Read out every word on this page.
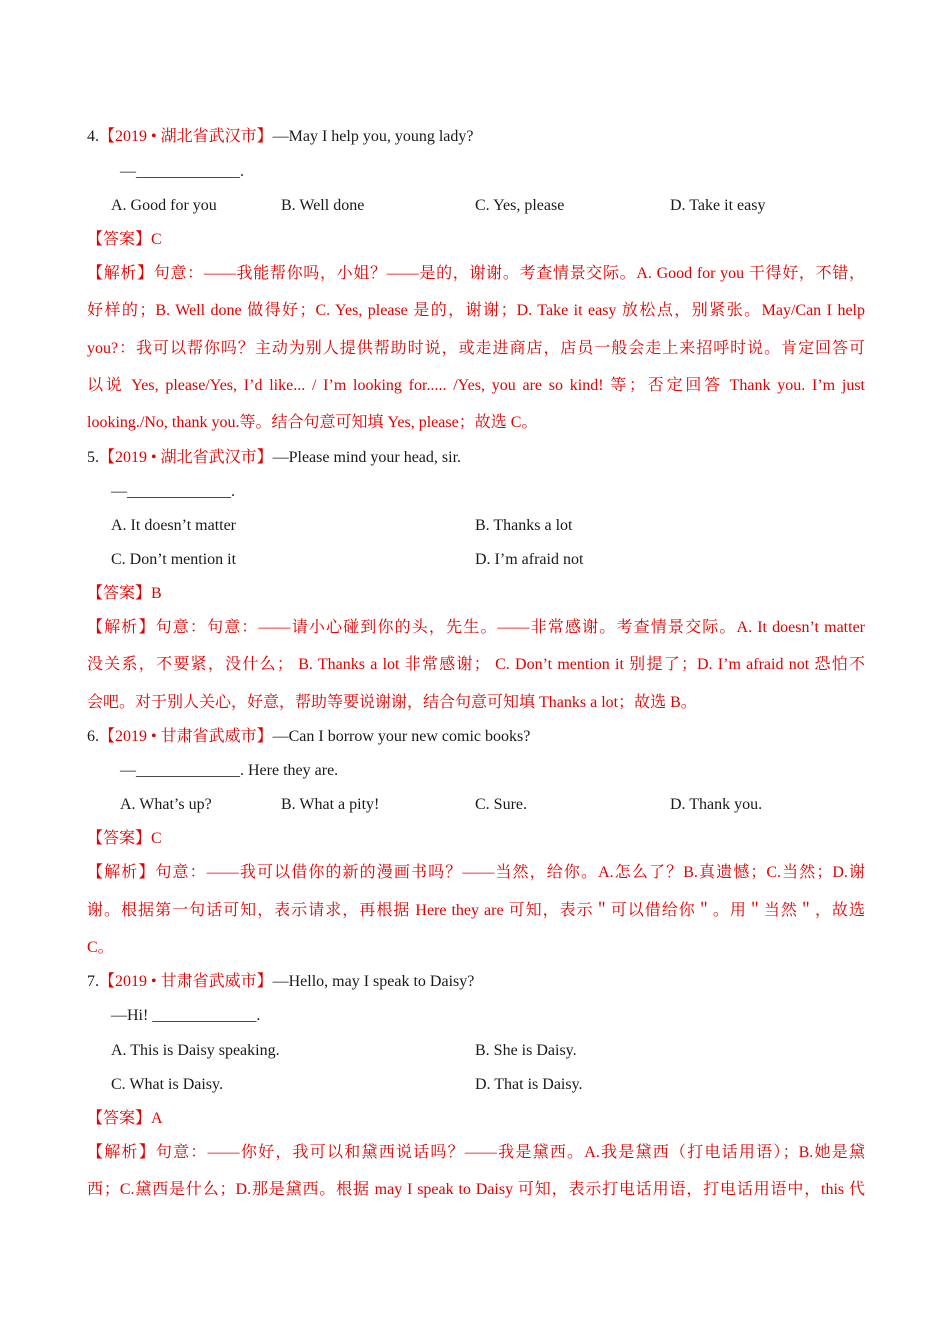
4.【2019 • 湖北省武汉市】—May I help you, young lady?
—_____________.
A. Good for you	B. Well done	C. Yes, please	D. Take it easy
【答案】C
【解析】句意：——我能帮你吗，小姐？——是的，谢谢。考查情景交际。A. Good for you 干得好，不错，
好样的；B. Well done 做得好；C. Yes, please 是的，谢谢；D. Take it easy 放松点，别紧张。May/Can I help
you?：我可以帮你吗？主动为别人提供帮助时说，或走进商店，店员一般会走上来招呼时说。肯定回答可
以说 Yes, please/Yes, I’d like... / I’m looking for..... /Yes, you are so kind! 等；否定回答 Thank you. I’m just
looking./No, thank you.等。结合句意可知填 Yes, please；故选 C。
5.【2019 • 湖北省武汉市】—Please mind your head, sir.
—_____________.
A. It doesn’t matter	B. Thanks a lot
C. Don’t mention it	D. I’m afraid not
【答案】B
【解析】句意：句意：——请小心碰到你的头，先生。——非常感谢。考查情景交际。A. It doesn’t matter
没关系，不要紧，没什么； B. Thanks a lot 非常感谢； C. Don’t mention it 别提了；D. I’m afraid not 恐怕不
会吧。对于别人关心，好意，帮助等要说谢谢，结合句意可知填 Thanks a lot；故选 B。
6.【2019 • 甘肃省武威市】—Can I borrow your new comic books?
—_____________. Here they are.
A. What’s up?	B. What a pity!	C. Sure.	D. Thank you.
【答案】C
【解析】句意：——我可以借你的新的漫画书吗？——当然，给你。A.怎么了？B.真遗憾；C.当然；D.谢
谢。根据第一句话可知，表示请求，再根据 Here they are 可知，表示＂可以借给你＂。用＂当然＂，故选
C。
7.【2019 • 甘肃省武威市】—Hello, may I speak to Daisy?
—Hi! _____________.
A. This is Daisy speaking.	B. She is Daisy.
C. What is Daisy.	D. That is Daisy.
【答案】A
【解析】句意：——你好，我可以和黛西说话吗？——我是黛西。A.我是黛西（打电话用语）；B.她是黛
西；C.黛西是什么；D.那是黛西。根据 may I speak to Daisy 可知，表示打电话用语，打电话用语中，this 代
